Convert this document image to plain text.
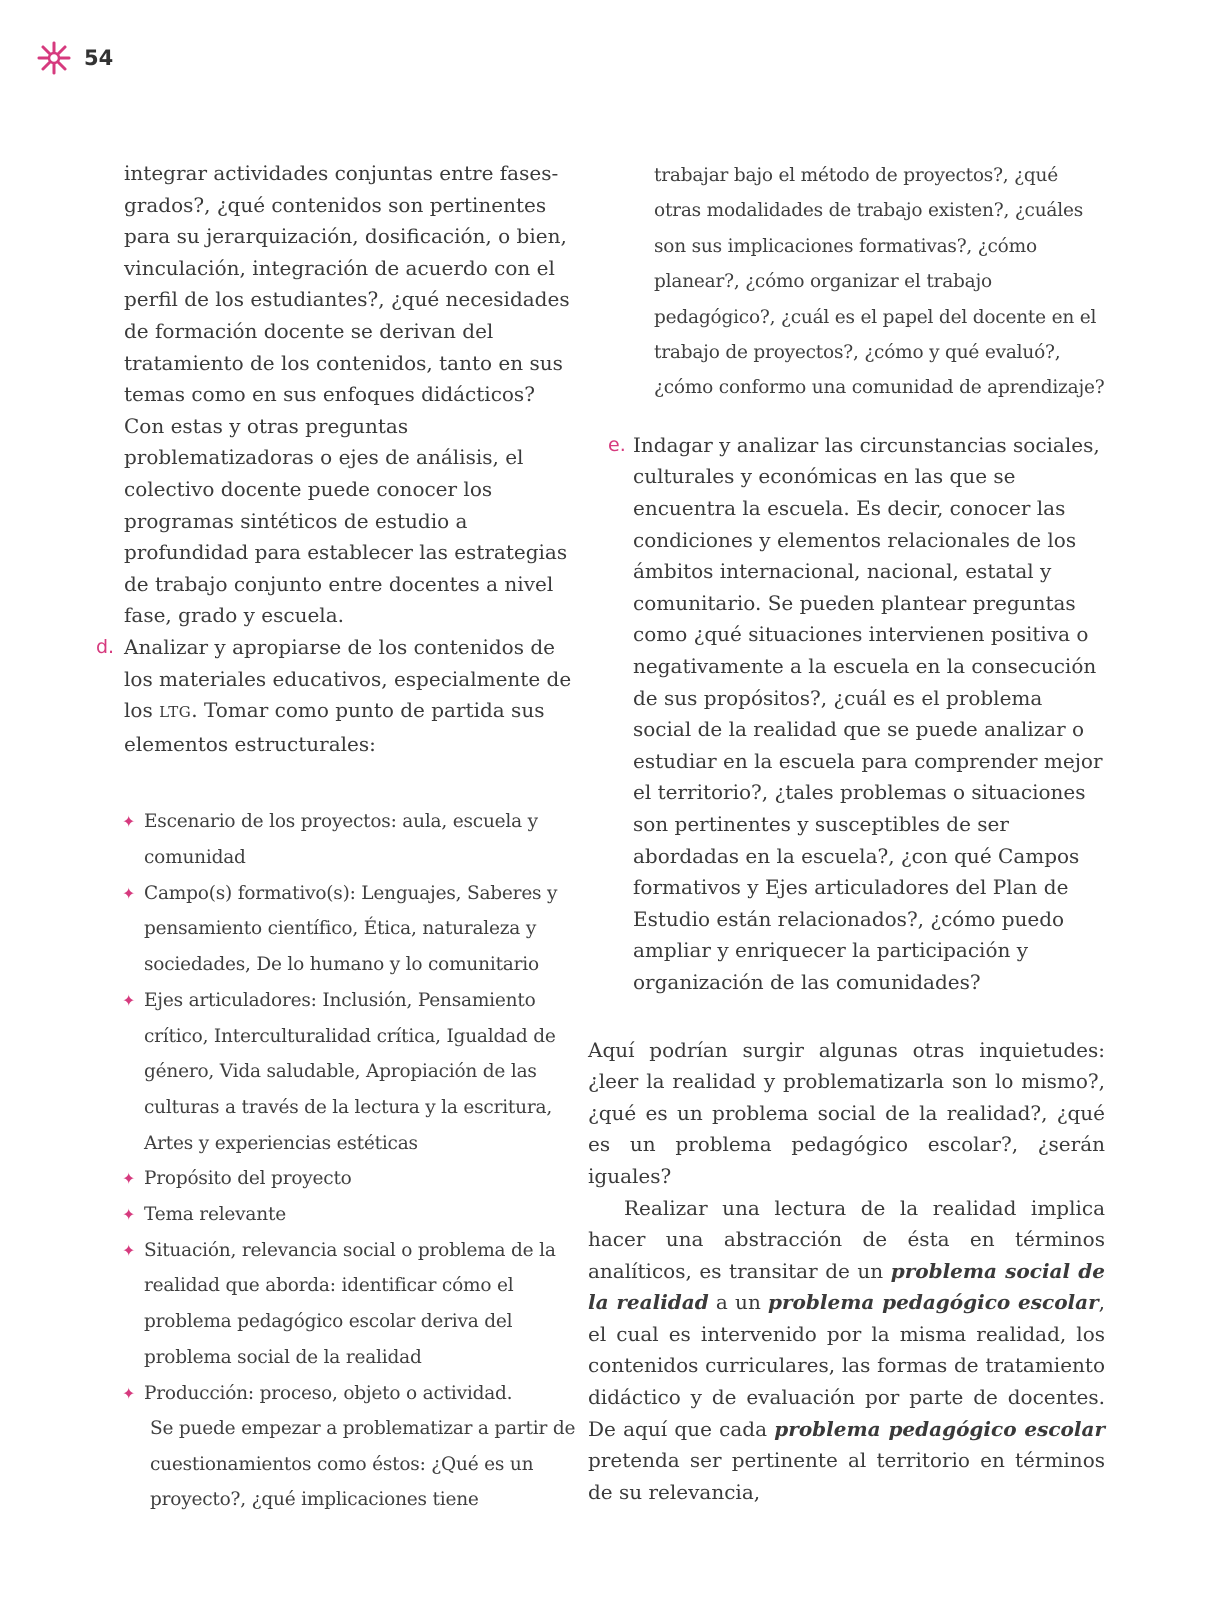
54

integrar actividades conjuntas entre fases-grados?, ¿qué contenidos son pertinentes para su jerarquización, dosificación, o bien, vinculación, integración de acuerdo con el perfil de los estudiantes?, ¿qué necesidades de formación docente se derivan del tratamiento de los contenidos, tanto en sus temas como en sus enfoques didácticos? Con estas y otras preguntas problematizadoras o ejes de análisis, el colectivo docente puede conocer los programas sintéticos de estudio a profundidad para establecer las estrategias de trabajo conjunto entre docentes a nivel fase, grado y escuela.

d. Analizar y apropiarse de los contenidos de los materiales educativos, especialmente de los LTG. Tomar como punto de partida sus elementos estructurales:

✦ Escenario de los proyectos: aula, escuela y comunidad
✦ Campo(s) formativo(s): Lenguajes, Saberes y pensamiento científico, Ética, naturaleza y sociedades, De lo humano y lo comunitario
✦ Ejes articuladores: Inclusión, Pensamiento crítico, Interculturalidad crítica, Igualdad de género, Vida saludable, Apropiación de las culturas a través de la lectura y la escritura, Artes y experiencias estéticas
✦ Propósito del proyecto
✦ Tema relevante
✦ Situación, relevancia social o problema de la realidad que aborda: identificar cómo el problema pedagógico escolar deriva del problema social de la realidad
✦ Producción: proceso, objeto o actividad.

Se puede empezar a problematizar a partir de cuestionamientos como éstos: ¿Qué es un proyecto?, ¿qué implicaciones tiene

trabajar bajo el método de proyectos?, ¿qué otras modalidades de trabajo existen?, ¿cuáles son sus implicaciones formativas?, ¿cómo planear?, ¿cómo organizar el trabajo pedagógico?, ¿cuál es el papel del docente en el trabajo de proyectos?, ¿cómo y qué evaluó?, ¿cómo conformo una comunidad de aprendizaje?

e. Indagar y analizar las circunstancias sociales, culturales y económicas en las que se encuentra la escuela. Es decir, conocer las condiciones y elementos relacionales de los ámbitos internacional, nacional, estatal y comunitario. Se pueden plantear preguntas como ¿qué situaciones intervienen positiva o negativamente a la escuela en la consecución de sus propósitos?, ¿cuál es el problema social de la realidad que se puede analizar o estudiar en la escuela para comprender mejor el territorio?, ¿tales problemas o situaciones son pertinentes y susceptibles de ser abordadas en la escuela?, ¿con qué Campos formativos y Ejes articuladores del Plan de Estudio están relacionados?, ¿cómo puedo ampliar y enriquecer la participación y organización de las comunidades?

Aquí podrían surgir algunas otras inquietudes: ¿leer la realidad y problematizarla son lo mismo?, ¿qué es un problema social de la realidad?, ¿qué es un problema pedagógico escolar?, ¿serán iguales?

Realizar una lectura de la realidad implica hacer una abstracción de ésta en términos analíticos, es transitar de un problema social de la realidad a un problema pedagógico escolar, el cual es intervenido por la misma realidad, los contenidos curriculares, las formas de tratamiento didáctico y de evaluación por parte de docentes. De aquí que cada problema pedagógico escolar pretenda ser pertinente al territorio en términos de su relevancia,
